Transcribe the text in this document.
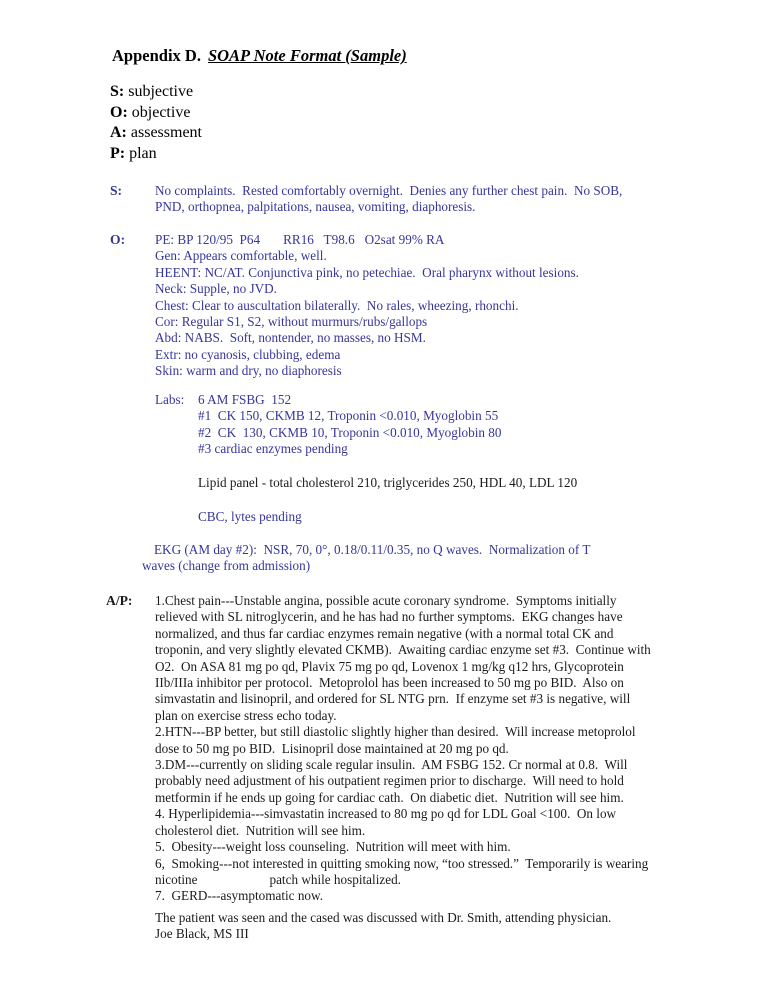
Appendix D. SOAP Note Format (Sample)
S: subjective
O: objective
A: assessment
P: plan
S: No complaints.  Rested comfortably overnight.  Denies any further chest pain.  No SOB,
PND, orthopnea, palpitations, nausea, vomiting, diaphoresis.
O: PE: BP 120/95  P64       RR16   T98.6   O2sat 99% RA
Gen: Appears comfortable, well.
HEENT: NC/AT. Conjunctiva pink, no petechiae.  Oral pharynx without lesions.
Neck: Supple, no JVD.
Chest: Clear to auscultation bilaterally.  No rales, wheezing, rhonchi.
Cor: Regular S1, S2, without murmurs/rubs/gallops
Abd: NABS.  Soft, nontender, no masses, no HSM.
Extr: no cyanosis, clubbing, edema
Skin: warm and dry, no diaphoresis
Labs: 6 AM FSBG  152
#1  CK 150, CKMB 12, Troponin <0.010, Myoglobin 55
#2  CK  130, CKMB 10, Troponin <0.010, Myoglobin 80
#3 cardiac enzymes pending
Lipid panel - total cholesterol 210, triglycerides 250, HDL 40, LDL 120
CBC, lytes pending
EKG (AM day #2):  NSR, 70, 0°, 0.18/0.11/0.35, no Q waves.  Normalization of T
waves (change from admission)
A/P: 1.Chest pain---Unstable angina, possible acute coronary syndrome.  Symptoms initially relieved with SL nitroglycerin, and he has had no further symptoms.  EKG changes have normalized, and thus far cardiac enzymes remain negative (with a normal total CK and troponin, and very slightly elevated CKMB).  Awaiting cardiac enzyme set #3.  Continue with O2.  On ASA 81 mg po qd, Plavix 75 mg po qd, Lovenox 1 mg/kg q12 hrs, Glycoprotein IIb/IIIa inhibitor per protocol.  Metoprolol has been increased to 50 mg po BID.  Also on simvastatin and lisinopril, and ordered for SL NTG prn.  If enzyme set #3 is negative, will plan on exercise stress echo today.
2.HTN---BP better, but still diastolic slightly higher than desired.  Will increase metoprolol dose to 50 mg po BID.  Lisinopril dose maintained at 20 mg po qd.
3.DM---currently on sliding scale regular insulin.  AM FSBG 152. Cr normal at 0.8.  Will probably need adjustment of his outpatient regimen prior to discharge.  Will need to hold metformin if he ends up going for cardiac cath.  On diabetic diet.  Nutrition will see him.
4. Hyperlipidemia---simvastatin increased to 80 mg po qd for LDL Goal <100.  On low cholesterol diet.  Nutrition will see him.
5.  Obesity---weight loss counseling.  Nutrition will meet with him.
6,  Smoking---not interested in quitting smoking now, “too stressed.”  Temporarily is wearing nicotine	patch while hospitalized.
7.  GERD---asymptomatic now.
The patient was seen and the cased was discussed with Dr. Smith, attending physician.
Joe Black, MS III
